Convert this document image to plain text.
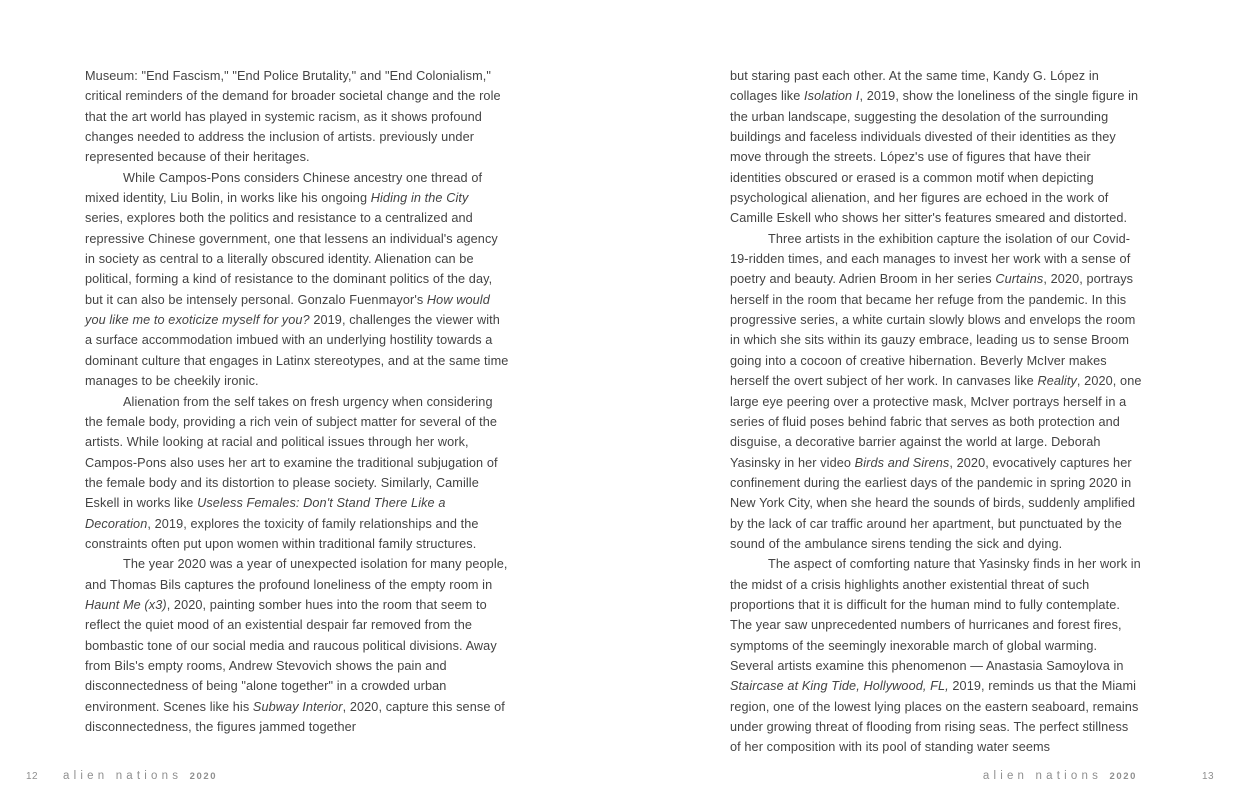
Museum: "End Fascism," "End Police Brutality," and "End Colonialism," critical reminders of the demand for broader societal change and the role that the art world has played in systemic racism, as it shows profound changes needed to address the inclusion of artists. previously under represented because of their heritages.

While Campos-Pons considers Chinese ancestry one thread of mixed identity, Liu Bolin, in works like his ongoing Hiding in the City series, explores both the politics and resistance to a centralized and repressive Chinese government, one that lessens an individual's agency in society as central to a literally obscured identity. Alienation can be political, forming a kind of resistance to the dominant politics of the day, but it can also be intensely personal. Gonzalo Fuenmayor's How would you like me to exoticize myself for you? 2019, challenges the viewer with a surface accommodation imbued with an underlying hostility towards a dominant culture that engages in Latinx stereotypes, and at the same time manages to be cheekily ironic.

Alienation from the self takes on fresh urgency when considering the female body, providing a rich vein of subject matter for several of the artists. While looking at racial and political issues through her work, Campos-Pons also uses her art to examine the traditional subjugation of the female body and its distortion to please society. Similarly, Camille Eskell in works like Useless Females: Don't Stand There Like a Decoration, 2019, explores the toxicity of family relationships and the constraints often put upon women within traditional family structures.

The year 2020 was a year of unexpected isolation for many people, and Thomas Bils captures the profound loneliness of the empty room in Haunt Me (x3), 2020, painting somber hues into the room that seem to reflect the quiet mood of an existential despair far removed from the bombastic tone of our social media and raucous political divisions. Away from Bils's empty rooms, Andrew Stevovich shows the pain and disconnectedness of being "alone together" in a crowded urban environment. Scenes like his Subway Interior, 2020, capture this sense of disconnectedness, the figures jammed together

but staring past each other. At the same time, Kandy G. López in collages like Isolation I, 2019, show the loneliness of the single figure in the urban landscape, suggesting the desolation of the surrounding buildings and faceless individuals divested of their identities as they move through the streets. López's use of figures that have their identities obscured or erased is a common motif when depicting psychological alienation, and her figures are echoed in the work of Camille Eskell who shows her sitter's features smeared and distorted.

Three artists in the exhibition capture the isolation of our Covid-19-ridden times, and each manages to invest her work with a sense of poetry and beauty. Adrien Broom in her series Curtains, 2020, portrays herself in the room that became her refuge from the pandemic. In this progressive series, a white curtain slowly blows and envelops the room in which she sits within its gauzy embrace, leading us to sense Broom going into a cocoon of creative hibernation. Beverly McIver makes herself the overt subject of her work. In canvases like Reality, 2020, one large eye peering over a protective mask, McIver portrays herself in a series of fluid poses behind fabric that serves as both protection and disguise, a decorative barrier against the world at large. Deborah Yasinsky in her video Birds and Sirens, 2020, evocatively captures her confinement during the earliest days of the pandemic in spring 2020 in New York City, when she heard the sounds of birds, suddenly amplified by the lack of car traffic around her apartment, but punctuated by the sound of the ambulance sirens tending the sick and dying.

The aspect of comforting nature that Yasinsky finds in her work in the midst of a crisis highlights another existential threat of such proportions that it is difficult for the human mind to fully contemplate. The year saw unprecedented numbers of hurricanes and forest fires, symptoms of the seemingly inexorable march of global warming. Several artists examine this phenomenon — Anastasia Samoylova in Staircase at King Tide, Hollywood, FL, 2019, reminds us that the Miami region, one of the lowest lying places on the eastern seaboard, remains under growing threat of flooding from rising seas. The perfect stillness of her composition with its pool of standing water seems

12 alien nations 2020	alien nations 2020	13
